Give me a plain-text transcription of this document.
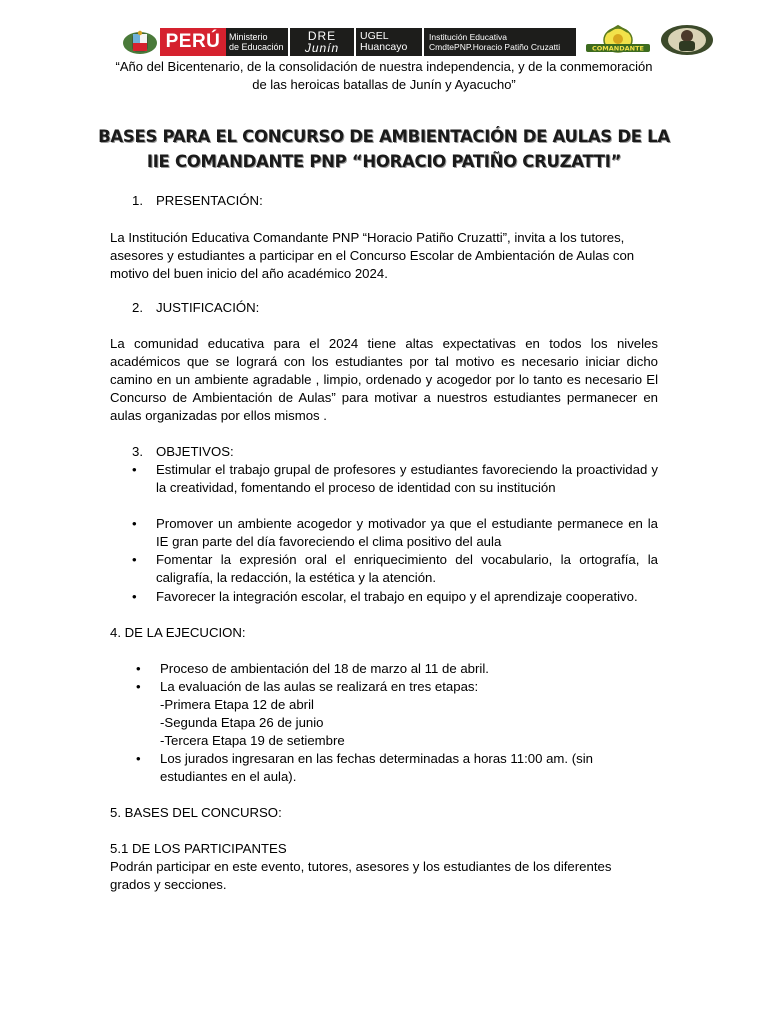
PERÚ Ministerio
de Educación
DRE
Junín
UGEL
Huancayo
Institución Educativa
CmdtePNP.Horacio Patiño Cruzatti	COMANDANTE
“Año del Bicentenario, de la consolidación de nuestra independencia, y de la conmemoración
de las heroicas batallas de Junín y Ayacucho”
BASES PARA EL CONCURSO DE AMBIENTACIÓN DE AULAS DE LA
IIE COMANDANTE PNP “HORACIO PATIÑO CRUZATTI”
1. PRESENTACIÓN:
La Institución Educativa Comandante PNP “Horacio Patiño Cruzatti”, invita a los tutores, asesores y estudiantes a participar en el Concurso Escolar de Ambientación de Aulas con motivo del buen inicio del año académico 2024.
2. JUSTIFICACIÓN:
La comunidad educativa para el 2024 tiene altas expectativas en todos los niveles académicos que se logrará con los estudiantes por tal motivo es necesario iniciar dicho camino en un ambiente agradable , limpio, ordenado y acogedor por lo tanto es necesario El Concurso de Ambientación de Aulas” para motivar a nuestros estudiantes permanecer en aulas organizadas por ellos mismos .
3. OBJETIVOS:
•	Estimular el trabajo grupal de profesores y estudiantes favoreciendo la proactividad y la creatividad, fomentando el proceso de identidad con su institución
•	Promover un ambiente acogedor y motivador ya que el estudiante permanece en la IE gran parte del día favoreciendo el clima positivo del aula
•	Fomentar la expresión oral el enriquecimiento del vocabulario, la ortografía, la caligrafía, la redacción, la estética y la atención.
•	Favorecer la integración escolar, el trabajo en equipo y el aprendizaje cooperativo.
4. DE LA EJECUCION:
•	Proceso de ambientación del 18 de marzo al 11 de abril.
•	La evaluación de las aulas se realizará en tres etapas:
-Primera Etapa 12 de abril
-Segunda Etapa 26 de junio
-Tercera Etapa 19 de setiembre
•	Los jurados ingresaran en las fechas determinadas a horas 11:00 am. (sin estudiantes en el aula).
5. BASES DEL CONCURSO:
5.1 DE LOS PARTICIPANTES
Podrán participar en este evento, tutores, asesores y los estudiantes de los diferentes grados y secciones.
